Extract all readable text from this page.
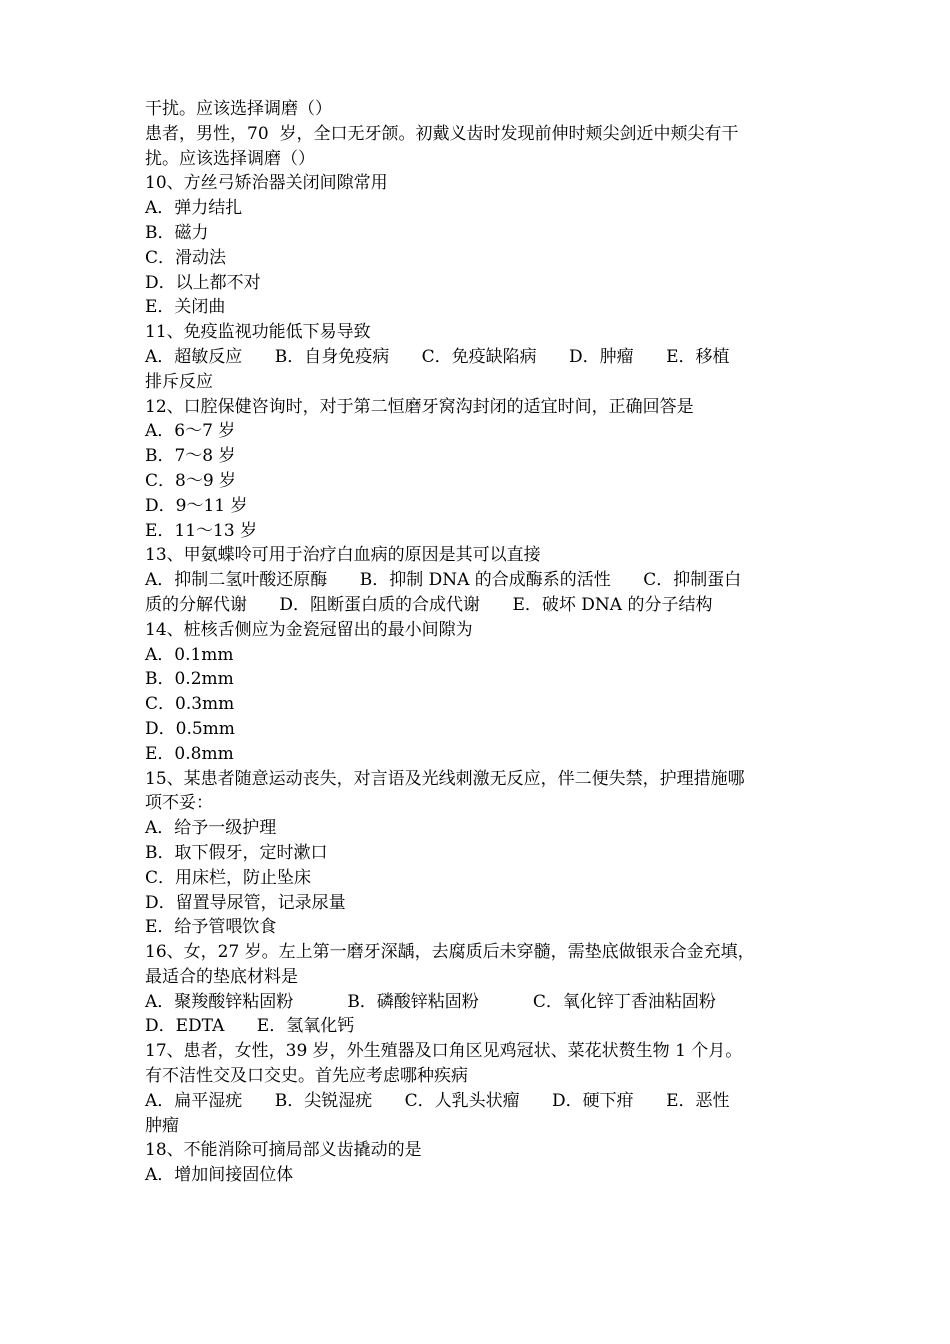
干扰。应该选择调磨（）
患者，男性，70  岁，全口无牙颌。初戴义齿时发现前伸时颊尖剑近中颊尖有干
扰。应该选择调磨（）
10、方丝弓矫治器关闭间隙常用
A．弹力结扎
B．磁力
C．滑动法
D．以上都不对
E．关闭曲
11、免疫监视功能低下易导致
A．超敏反应      B．自身免疫病      C．免疫缺陷病      D．肿瘤      E．移植
排斥反应
12、口腔保健咨询时，对于第二恒磨牙窝沟封闭的适宜时间，正确回答是
A．6～7 岁
B．7～8 岁
C．8～9 岁
D．9～11 岁
E．11～13 岁
13、甲氨蝶呤可用于治疗白血病的原因是其可以直接
A．抑制二氢叶酸还原酶      B．抑制 DNA 的合成酶系的活性      C．抑制蛋白
质的分解代谢      D．阻断蛋白质的合成代谢      E．破坏 DNA 的分子结构
14、桩核舌侧应为金瓷冠留出的最小间隙为
A．0.1mm
B．0.2mm
C．0.3mm
D．0.5mm
E．0.8mm
15、某患者随意运动丧失，对言语及光线刺激无反应，伴二便失禁，护理措施哪
项不妥：
A．给予一级护理
B．取下假牙，定时漱口
C．用床栏，防止坠床
D．留置导尿管，记录尿量
E．给予管喂饮食
16、女，27 岁。左上第一磨牙深龋，去腐质后未穿髓，需垫底做银汞合金充填，
最适合的垫底材料是
A．聚羧酸锌粘固粉          B．磷酸锌粘固粉          C．氧化锌丁香油粘固粉
D．EDTA      E．氢氧化钙
17、患者，女性，39 岁，外生殖器及口角区见鸡冠状、菜花状赘生物 1 个月。
有不洁性交及口交史。首先应考虑哪种疾病
A．扁平湿疣      B．尖锐湿疣      C．人乳头状瘤      D．硬下疳      E．恶性
肿瘤
18、不能消除可摘局部义齿撬动的是
A．增加间接固位体
